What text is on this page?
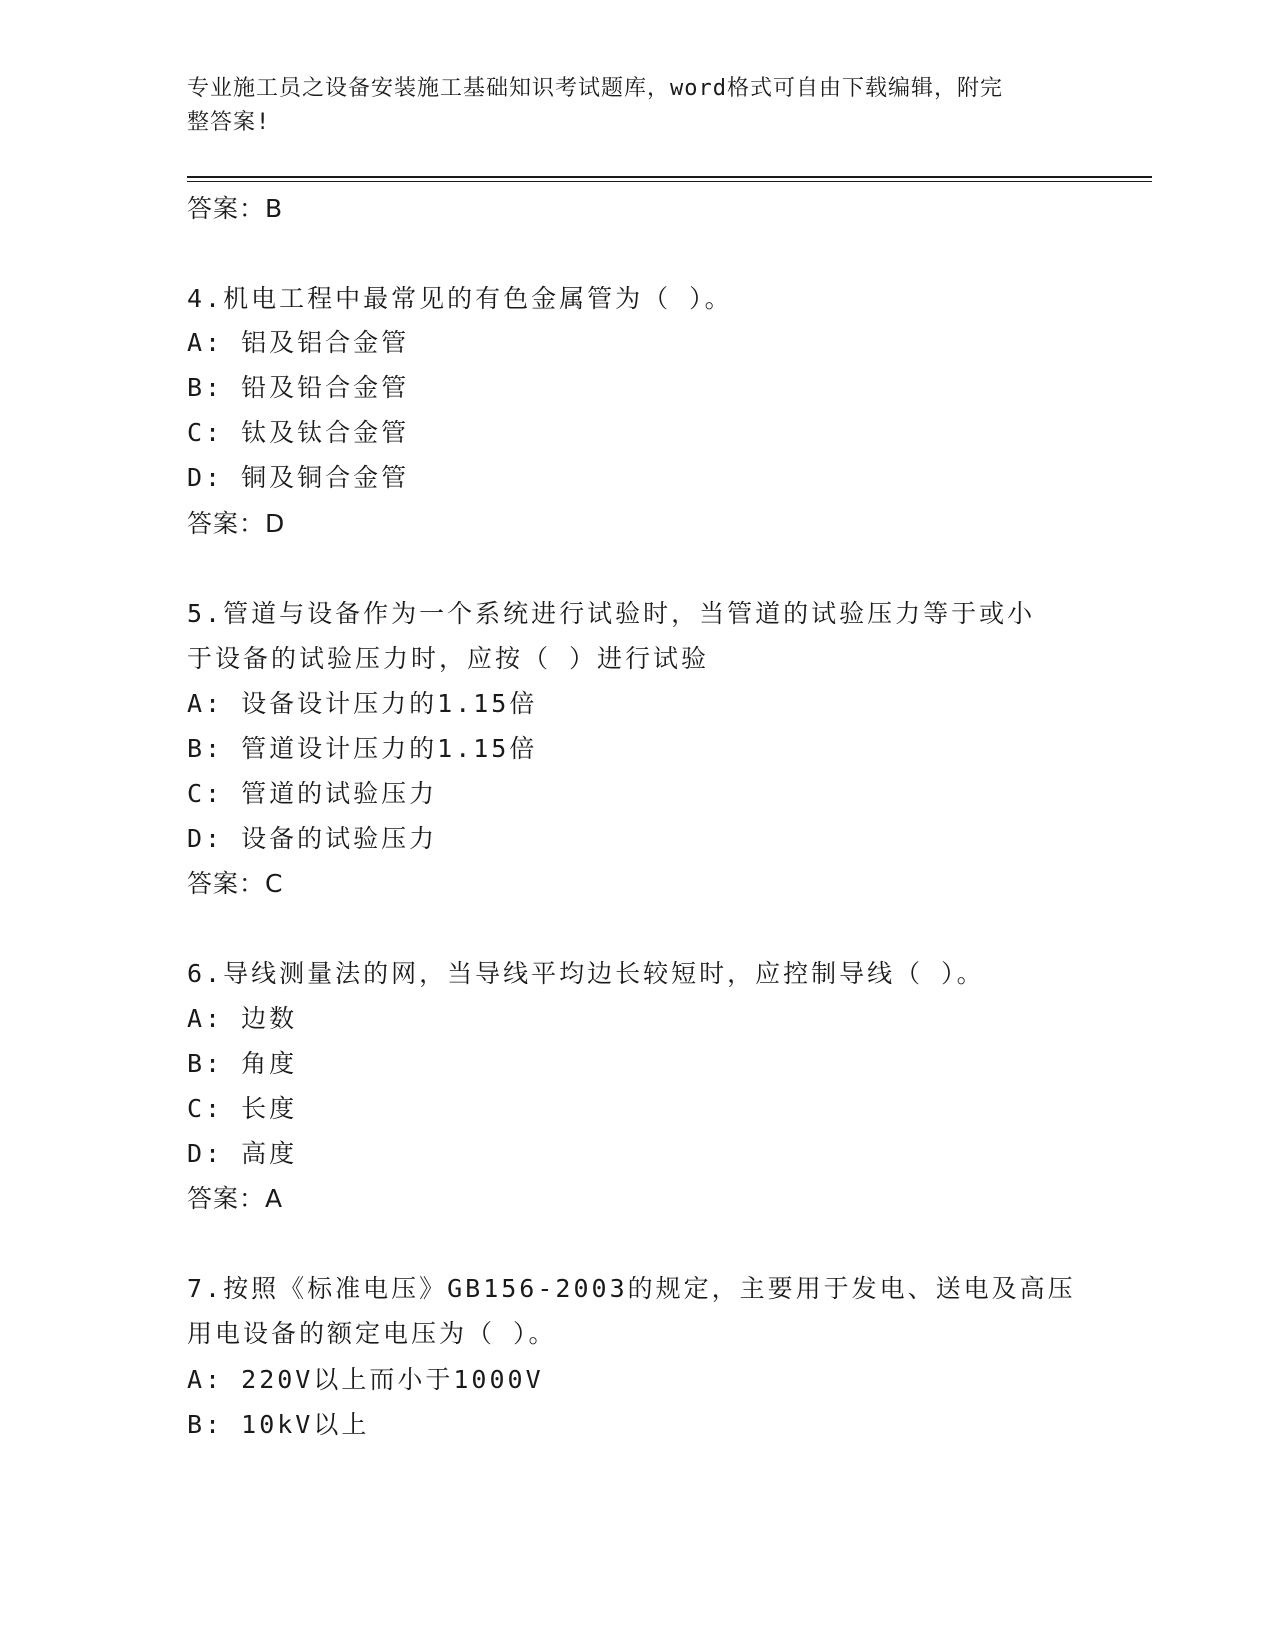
专业施工员之设备安装施工基础知识考试题库，word格式可自由下载编辑，附完
整答案!
答案：B
4.机电工程中最常见的有色金属管为（ ）。
A: 铝及铝合金管
B: 铅及铅合金管
C: 钛及钛合金管
D: 铜及铜合金管
答案：D
5.管道与设备作为一个系统进行试验时，当管道的试验压力等于或小
于设备的试验压力时，应按（ ）进行试验
A: 设备设计压力的1.15倍
B: 管道设计压力的1.15倍
C: 管道的试验压力
D: 设备的试验压力
答案：C
6.导线测量法的网，当导线平均边长较短时，应控制导线（ ）。
A: 边数
B: 角度
C: 长度
D: 高度
答案：A
7.按照《标准电压》GB156-2003的规定，主要用于发电、送电及高压
用电设备的额定电压为（ ）。
A: 220V以上而小于1000V
B: 10kV以上
